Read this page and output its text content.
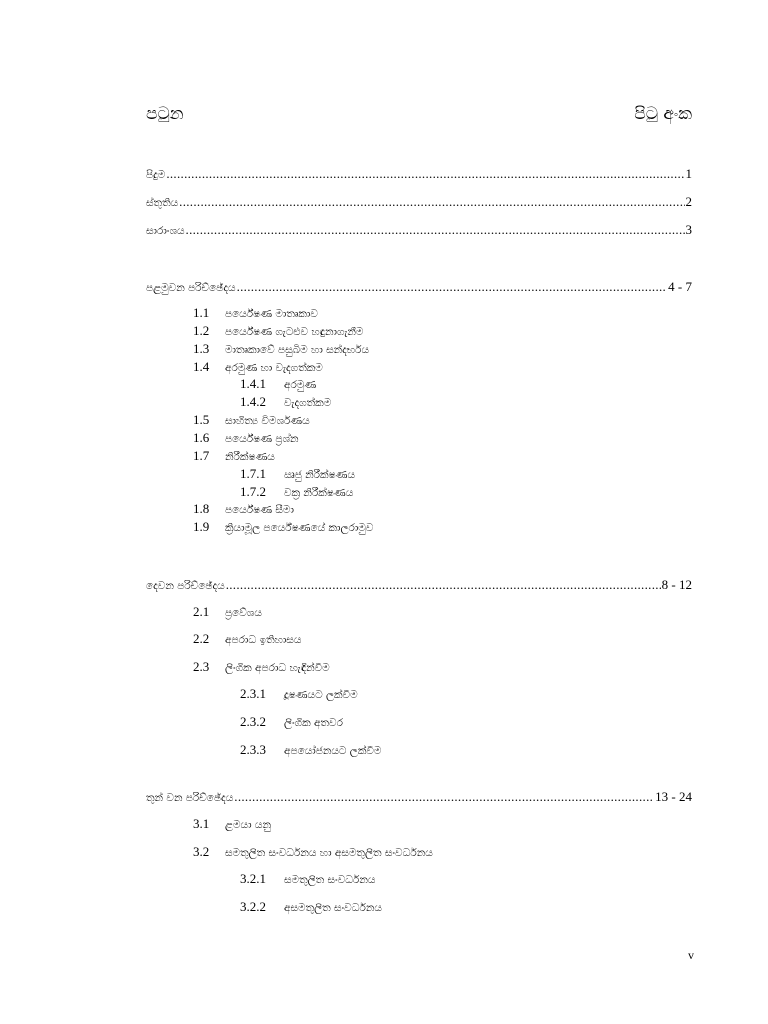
පටුන	පිටු අංක
පිදුම .....	1
ස්තුතිය .....	2
සාරාංශය .....	3
පළමුවන පරිච්ඡේදය .....	4 - 7
1.1	පර්යේෂණ මාතෘකාව
1.2	පර්යේෂණ ගැටළුව හඳුනාගැනීම
1.3	මාතෘකාවේ පසුබිම හා සන්දර්භය
1.4	අරමුණ හා වැදගත්කම
1.4.1	අරමුණ
1.4.2	වැදගත්කම
1.5	සාහිත්‍ය විමර්ශණය
1.6	පර්යේෂණ ප්‍රශ්න
1.7	නිරීක්ෂණය
1.7.1	ඍජු නිරීක්ෂණය
1.7.2	වක්‍ර නිරීක්ෂණය
1.8	පර්යේෂණ සීමා
1.9	ක්‍රියාමූල පර්යේෂණයේ කාලරාමුව
දෙවන පරිච්ඡේදය .....	8 - 12
2.1	ප්‍රවේශය
2.2	අපරාධ ඉතිහාසය
2.3	ලිංගික අපරාධ හැඳින්වීම
2.3.1	දූෂණයට ලක්වීම
2.3.2	ලිංගික අතවර
2.3.3	අපයෝජනයට ලක්වීම
තුන් වන පරිච්ඡේදය .....	13 - 24
3.1	ළමයා යනු
3.2	සමතුලිත සංවර්ධනය හා අසමතුලිත සංවර්ධනය
3.2.1	සමතුලිත සංවර්ධනය
3.2.2	අසමතුලිත සංවර්ධනය
v
